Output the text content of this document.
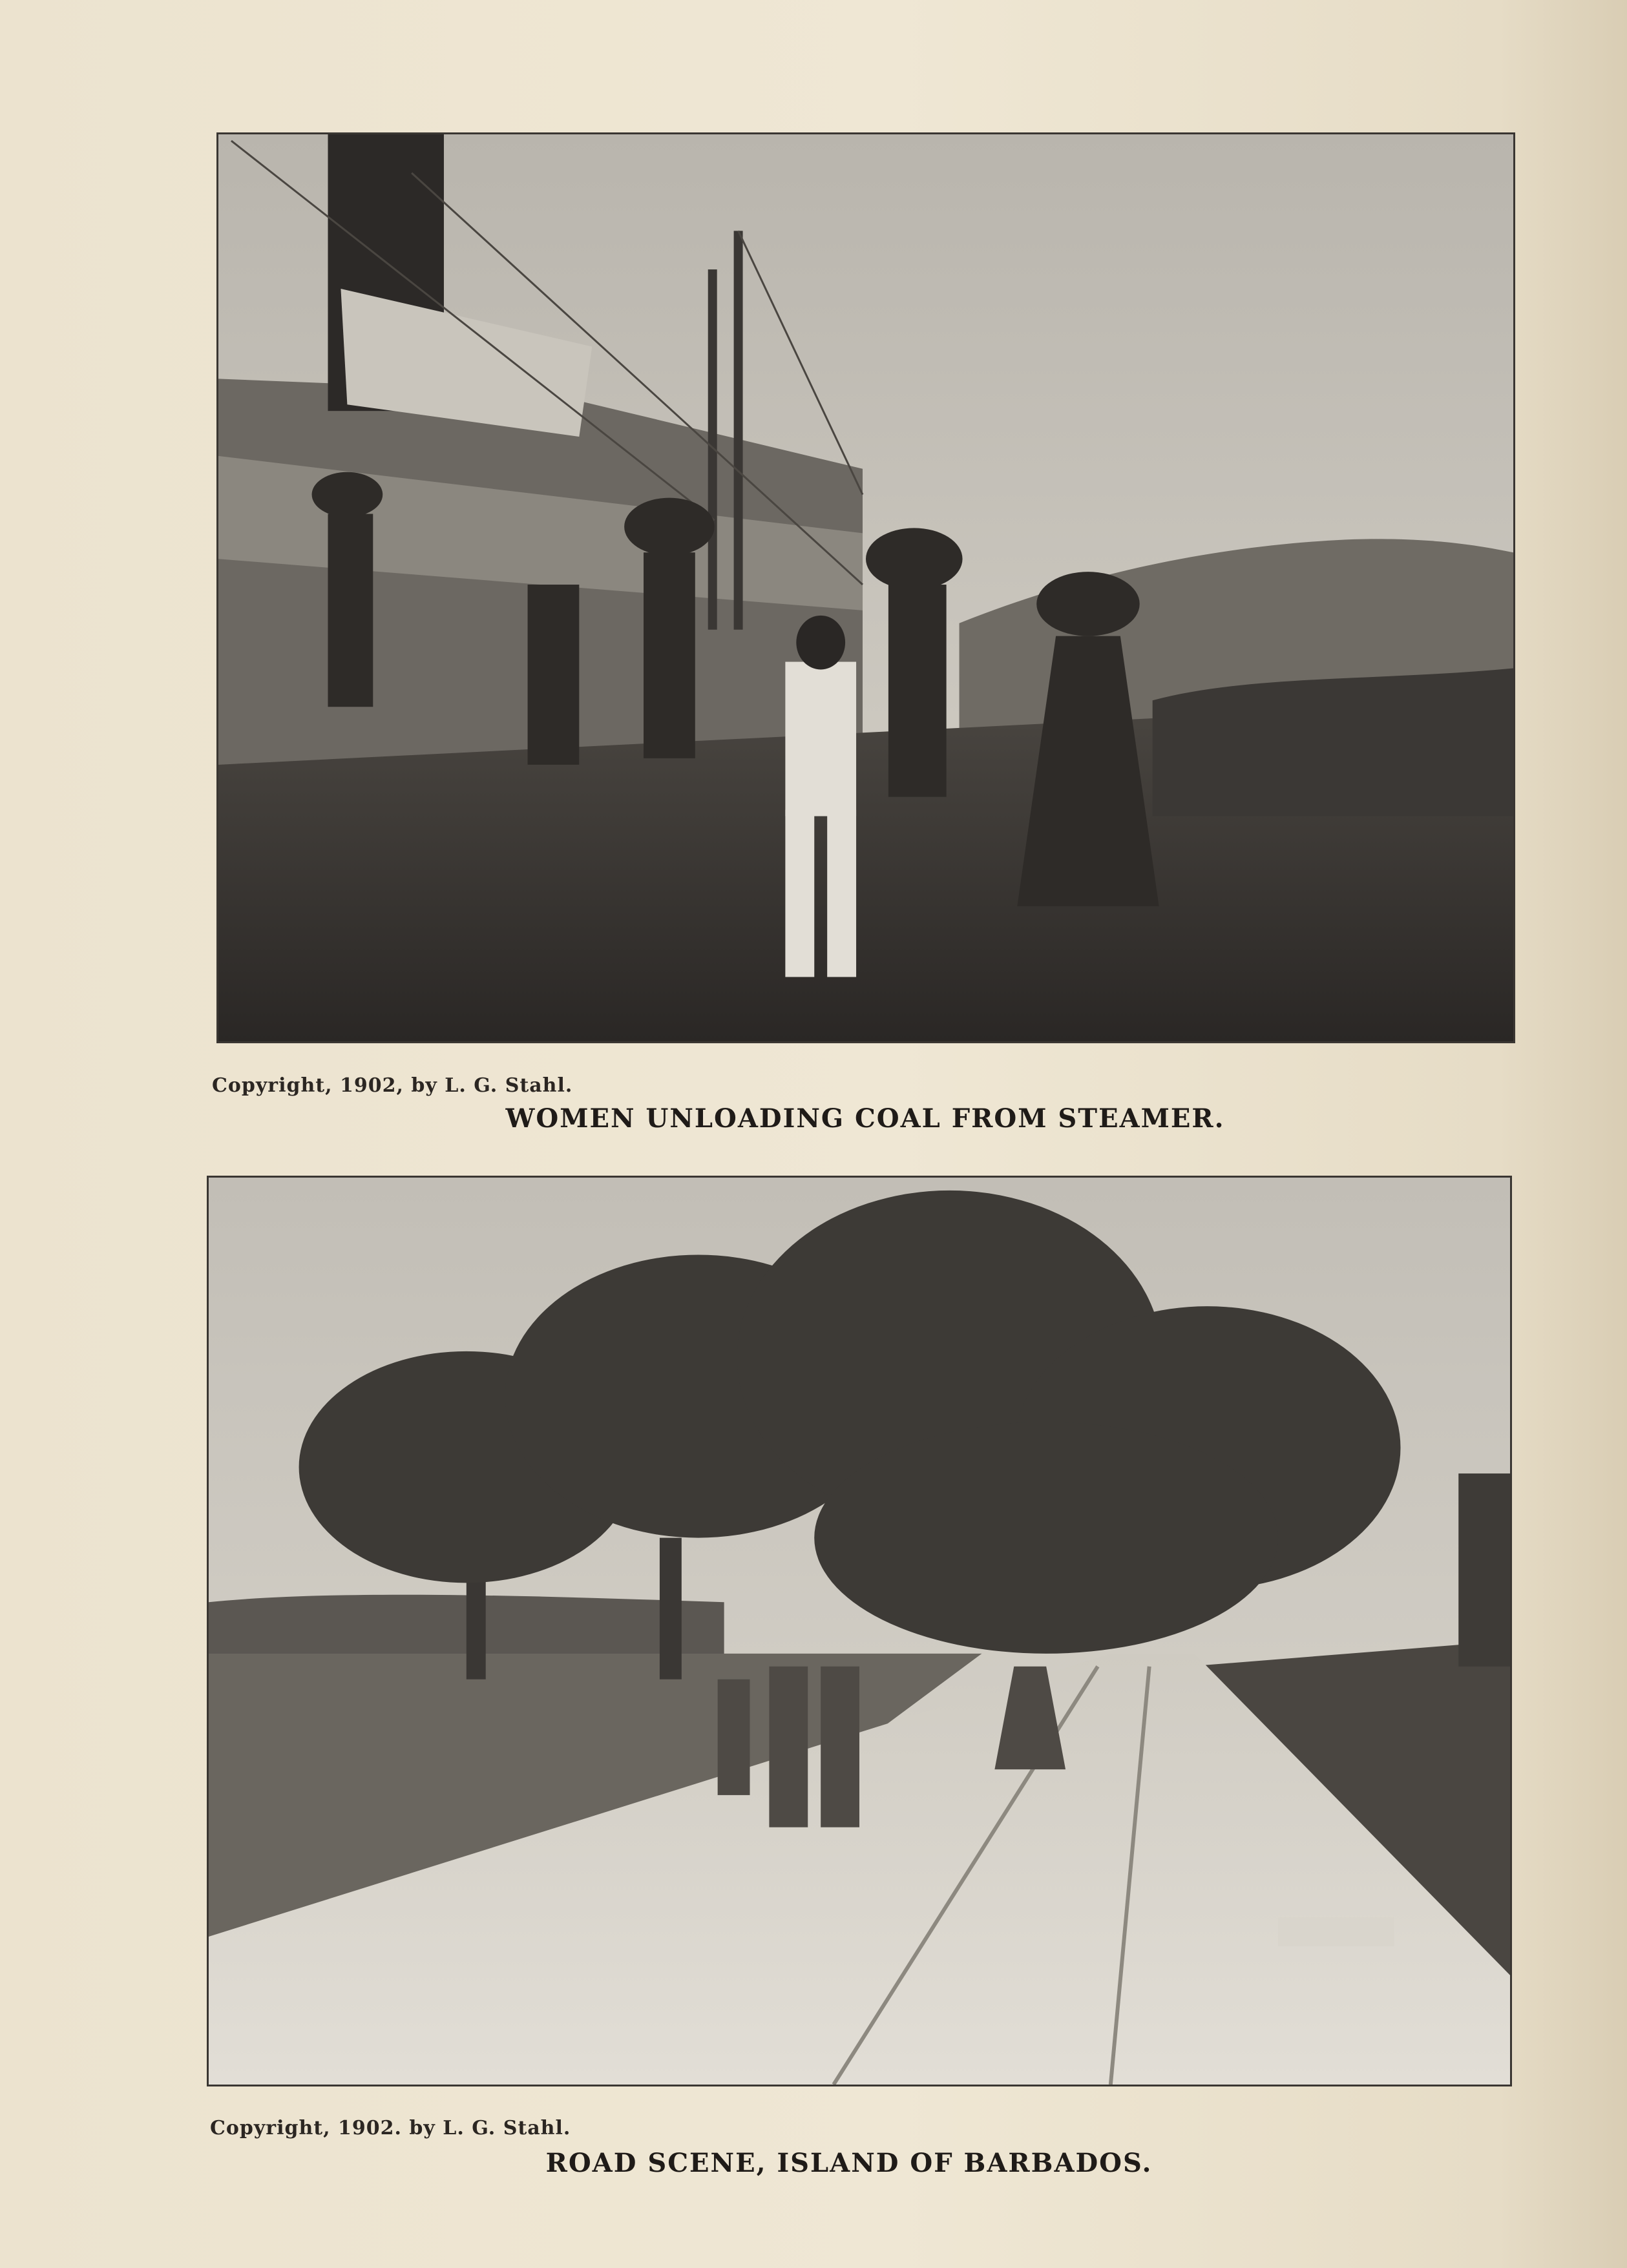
Copyright, 1902, by L. G. Stahl.
WOMEN UNLOADING COAL FROM STEAMER.
Copyright, 1902. by L. G. Stahl.
ROAD SCENE, ISLAND OF BARBADOS.
